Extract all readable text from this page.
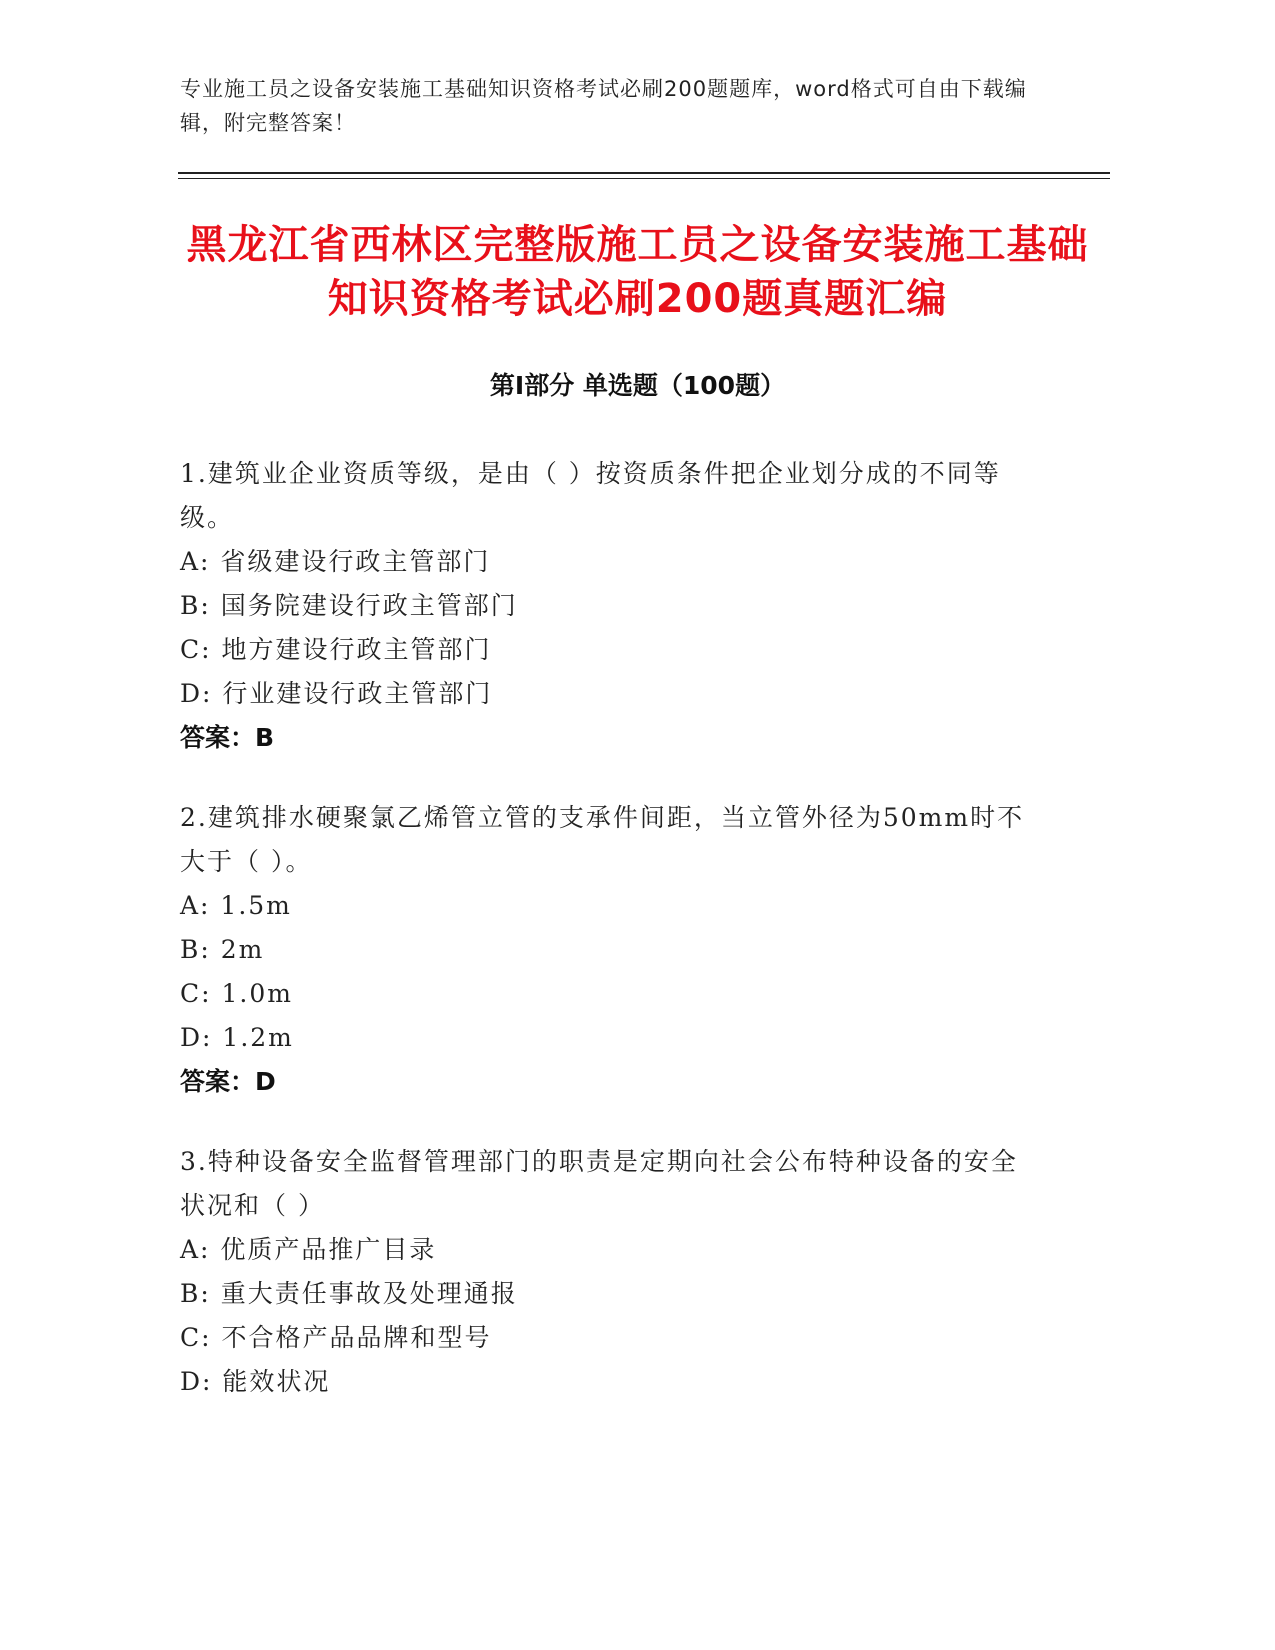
专业施工员之设备安装施工基础知识资格考试必刷200题题库，word格式可自由下载编辑，附完整答案！
黑龙江省西林区完整版施工员之设备安装施工基础知识资格考试必刷200题真题汇编
第I部分 单选题（100题）
1.建筑业企业资质等级，是由（ ）按资质条件把企业划分成的不同等级。
A: 省级建设行政主管部门
B: 国务院建设行政主管部门
C: 地方建设行政主管部门
D: 行业建设行政主管部门
答案：B
2.建筑排水硬聚氯乙烯管立管的支承件间距，当立管外径为50mm时不大于（ ）。
A: 1.5m
B: 2m
C: 1.0m
D: 1.2m
答案：D
3.特种设备安全监督管理部门的职责是定期向社会公布特种设备的安全状况和（ ）
A: 优质产品推广目录
B: 重大责任事故及处理通报
C: 不合格产品品牌和型号
D: 能效状况
